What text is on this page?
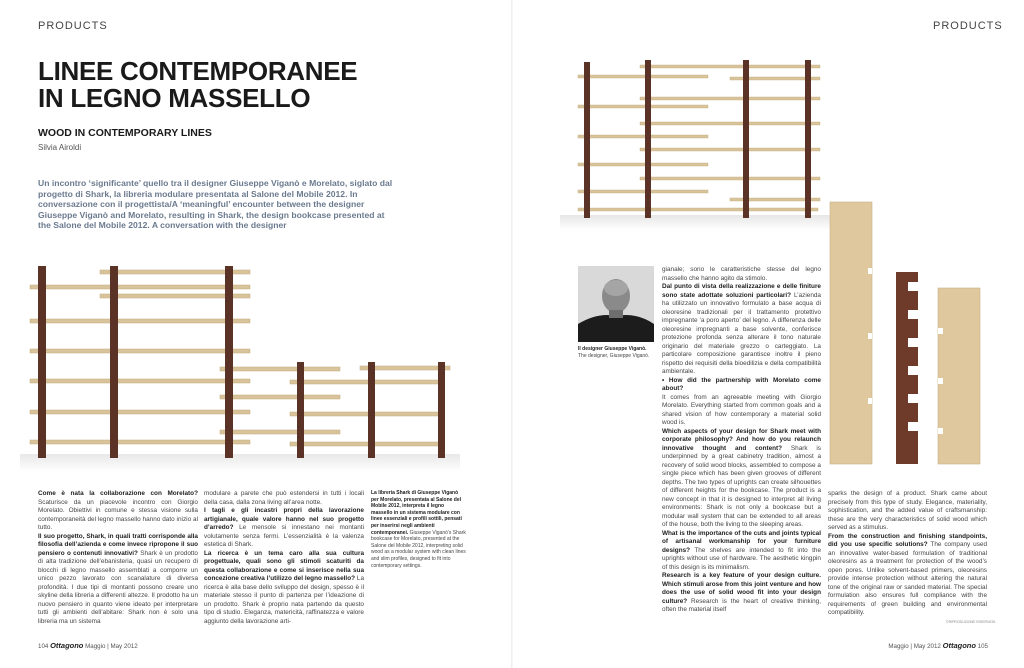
PRODUCTS	PRODUCTS
LINEE CONTEMPORANEE
IN LEGNO MASSELLO
WOOD IN CONTEMPORARY LINES
Silvia Airoldi

Un incontro ‘significante’ quello tra il designer Giuseppe Viganò e Morelato, siglato dal progetto di Shark, la libreria modulare presentata al Salone del Mobile 2012. In conversazione con il progettista/A ‘meaningful’ encounter between the designer Giuseppe Viganò and Morelato, resulting in Shark, the design bookcase presented at the Salone del Mobile 2012. A conversation with the designer

Come è nata la collaborazione con Morelato? Scaturisce da un piacevole incontro con Giorgio Morelato. Obiettivi in comune e stessa visione sulla contemporaneità del legno massello hanno dato inizio al tutto.

Il suo progetto, Shark, in quali tratti corrisponde alla filosofia dell’azienda e come invece ripropone il suo pensiero o contenuti innovativi? Shark è un prodotto di alta tradizione dell’ebanisteria, quasi un recupero di blocchi di legno massello assemblati a comporre un unico pezzo lavorato con scanalature di diversa profondità. I due tipi di montanti possono creare uno skyline della libreria a differenti altezze. Il prodotto ha un nuovo pensiero in quanto viene ideato per interpretare tutti gli ambienti dell’abitare: Shark non è solo una libreria ma un sistema

modulare a parete che può estendersi in tutti i locali della casa, dalla zona living all’area notte.

I tagli e gli incastri propri della lavorazione artigianale, quale valore hanno nel suo progetto d’arredo? Le mensole si innestano nei montanti volutamente senza fermi. L’essenzialità è la valenza estetica di Shark.

La ricerca è un tema caro alla sua cultura progettuale, quali sono gli stimoli scaturiti da questa collaborazione e come si inserisce nella sua concezione creativa l’utilizzo del legno massello? La ricerca è alla base dello sviluppo del design, spesso è il materiale stesso il punto di partenza per l’ideazione di un prodotto. Shark è proprio nata partendo da questo tipo di studio. Eleganza, matericità, raffinatezza e valore aggiunto della lavorazione arti-

La libreria Shark di Giuseppe Viganò per Morelato, presentata al Salone del Mobile 2012, interpreta il legno massello in un sistema modulare con linee essenziali e profili sottili, pensati per inserirsi negli ambienti contemporanei. Giuseppe Viganò’s Shark bookcase for Morelato, presented at the Salone del Mobile 2012, interpreting solid wood as a modular system with clean lines and slim profiles, designed to fit into contemporary settings.
Il designer Giuseppe Viganò.
The designer, Giuseppe Viganò.

gianale; sono le caratteristiche stesse del legno massello che hanno agito da stimolo.

Dal punto di vista della realizzazione e delle finiture sono state adottate soluzioni particolari? L’azienda ha utilizzato un innovativo formulato a base acqua di oleoresine tradizionali per il trattamento protettivo impregnante ‘a poro aperto’ del legno. A differenza delle oleoresine impregnanti a base solvente, conferisce protezione profonda senza alterare il tono naturale originario del materiale grezzo o carteggiato. La particolare composizione garantisce inoltre il pieno rispetto dei requisiti della bioedilizia e della compatibilità ambientale.

• How did the partnership with Morelato come about?

It comes from an agreeable meeting with Giorgio Morelato. Everything started from common goals and a shared vision of how contemporary a material solid wood is.

Which aspects of your design for Shark meet with corporate philosophy? And how do you relaunch innovative thought and content? Shark is underpinned by a great cabinetry tradition, almost a recovery of solid wood blocks, assembled to compose a single piece which has been given grooves of different depths. The two types of uprights can create silhouettes of different heights for the bookcase. The product is a new concept in that it is designed to interpret all living environments: Shark is not only a bookcase but a modular wall system that can be extended to all areas of the house, both the living to the sleeping areas.

What is the importance of the cuts and joints typical of artisanal workmanship for your furniture designs? The shelves are intended to fit into the uprights without use of hardware. The aesthetic kingpin of this design is its minimalism.

Research is a key feature of your design culture. Which stimuli arose from this joint venture and how does the use of solid wood fit into your design culture? Research is the heart of creative thinking, often the material itself

sparks the design of a product. Shark came about precisely from this type of study. Elegance, materiality, sophistication, and the added value of craftsmanship: these are the very characteristics of solid wood which served as a stimulus.

From the construction and finishing standpoints, did you use specific solutions? The company used an innovative water-based formulation of traditional oleoresins as a treatment for protection of the wood’s open pores. Unlike solvent-based primers, oleoresins provide intense protection without altering the natural tone of the original raw or sanded material. The special formulation also ensures full compliance with the requirements of green building and environmental compatibility.

©RIPRODUZIONE RISERVATA
104 Ottagono Maggio | May 2012	Maggio | May 2012 Ottagono 105
